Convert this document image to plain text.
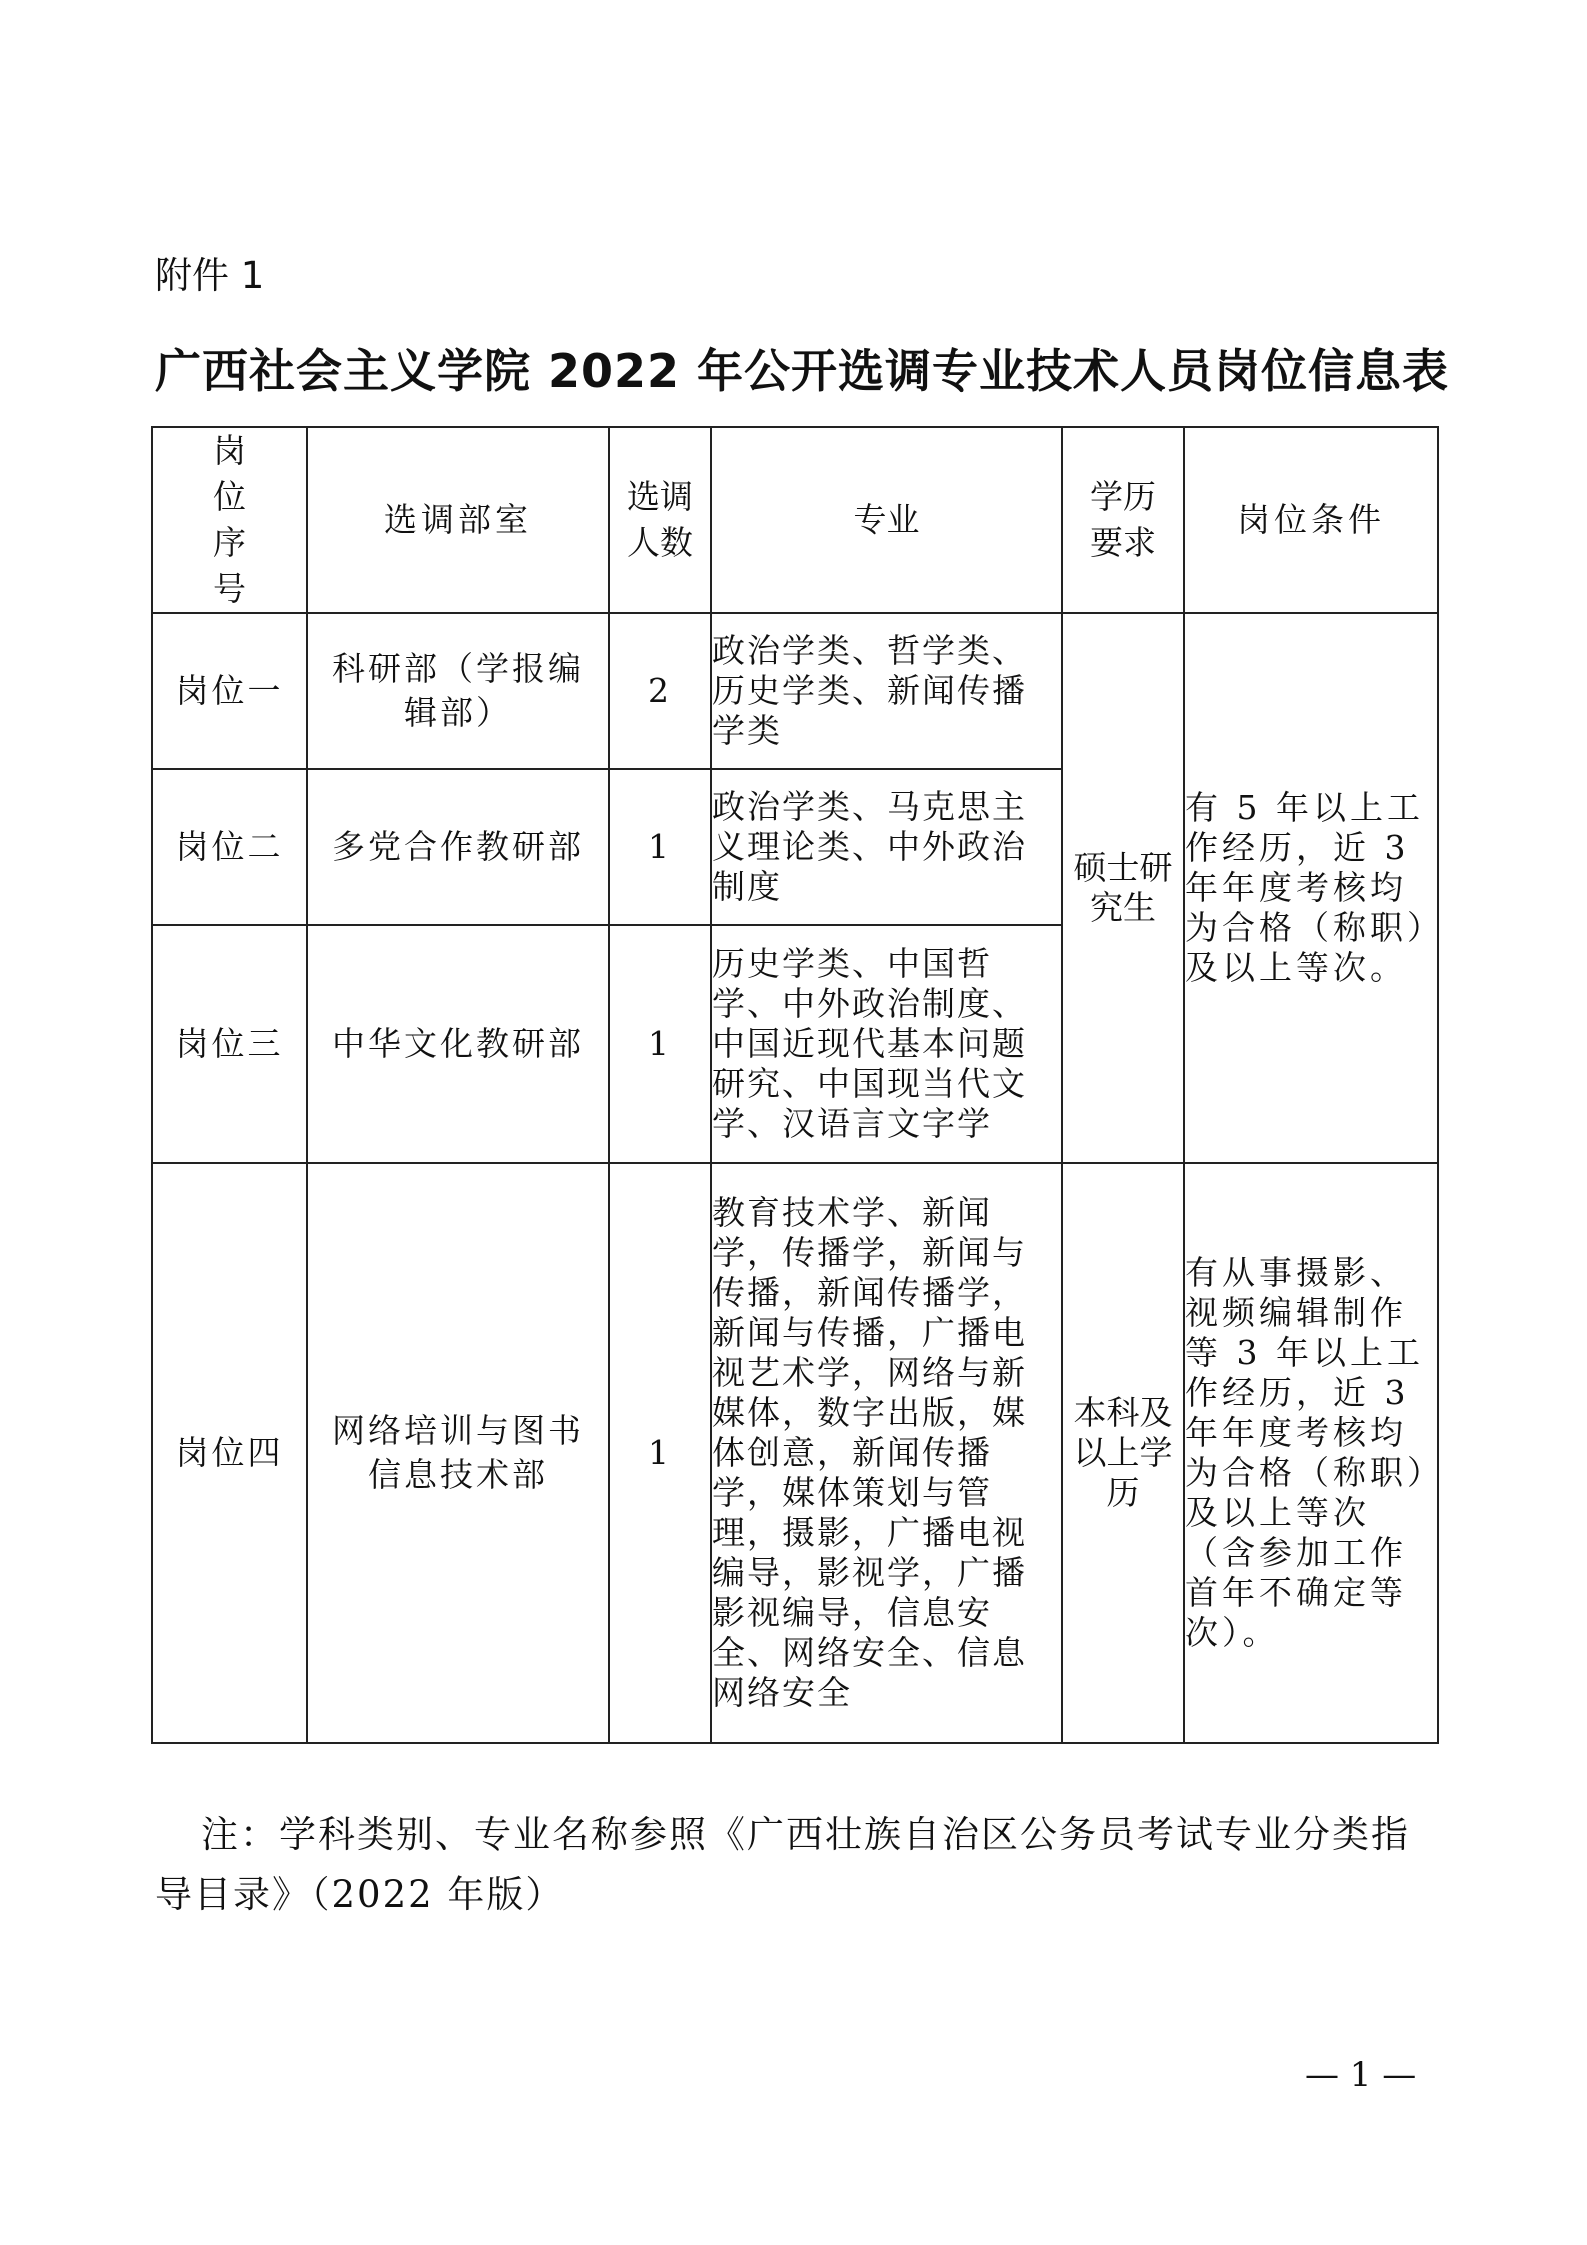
附件 1
广西社会主义学院 2022 年公开选调专业技术人员岗位信息表
岗位序号	选调部室	选调人数	专业	学历要求	岗位条件
岗位一	科研部（学报编辑部）	2	政治学类、哲学类、历史学类、新闻传播学类	硕士研究生	有 5 年以上工作经历，近 3 年年度考核均为合格（称职）及以上等次。
岗位二	多党合作教研部	1	政治学类、马克思主义理论类、中外政治制度		
岗位三	中华文化教研部	1	历史学类、中国哲学、中外政治制度、中国近现代基本问题研究、中国现当代文学、汉语言文字学		
岗位四	网络培训与图书信息技术部	1	教育技术学、新闻学，传播学，新闻与传播，新闻传播学，新闻与传播，广播电视艺术学，网络与新媒体，数字出版，媒体创意，新闻传播学，媒体策划与管理，摄影，广播电视编导，影视学，广播影视编导，信息安全、网络安全、信息网络安全	本科及以上学历	有从事摄影、视频编辑制作等 3 年以上工作经历，近 3 年年度考核均为合格（称职）及以上等次（含参加工作首年不确定等次）。
注：学科类别、专业名称参照《广西壮族自治区公务员考试专业分类指导目录》（2022 年版）
— 1 —
